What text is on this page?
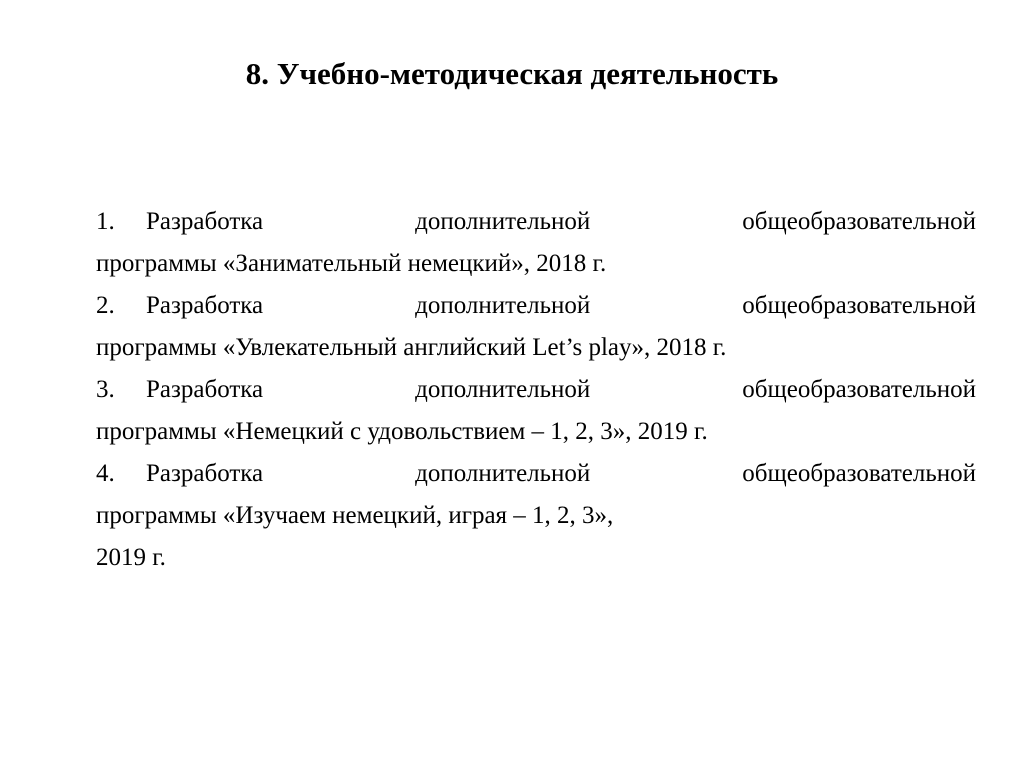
8. Учебно-методическая деятельность
1.	Разработка	дополнительной	общеобразовательной
программы «Занимательный немецкий», 2018 г.
2.	Разработка	дополнительной	общеобразовательной
программы «Увлекательный английский Let’s play», 2018 г.
3.	Разработка	дополнительной	общеобразовательной
программы «Немецкий с удовольствием – 1, 2, 3», 2019 г.
4.	Разработка	дополнительной	общеобразовательной
программы «Изучаем немецкий, играя – 1, 2, 3»,
2019 г.
